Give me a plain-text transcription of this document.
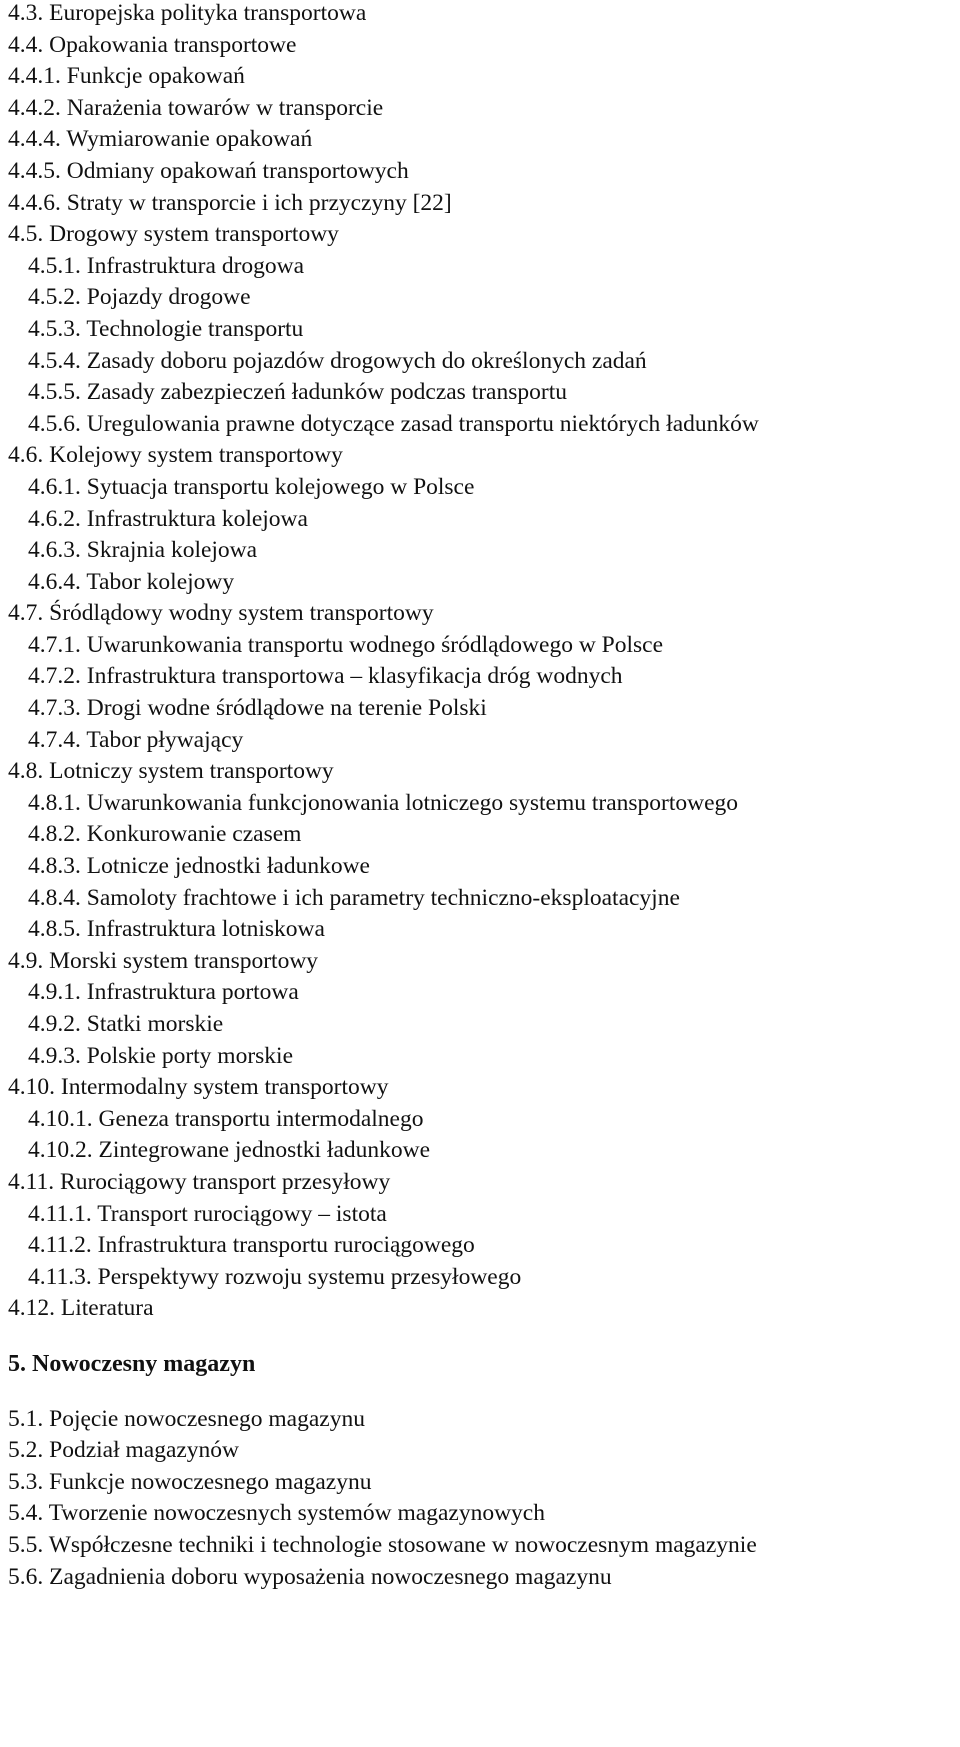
4.3. Europejska polityka transportowa
4.4. Opakowania transportowe
4.4.1. Funkcje opakowań
4.4.2. Narażenia towarów w transporcie
4.4.4. Wymiarowanie opakowań
4.4.5. Odmiany opakowań transportowych
4.4.6. Straty w transporcie i ich przyczyny [22]
4.5. Drogowy system transportowy
4.5.1. Infrastruktura drogowa
4.5.2. Pojazdy drogowe
4.5.3. Technologie transportu
4.5.4. Zasady doboru pojazdów drogowych do określonych zadań
4.5.5. Zasady zabezpieczeń ładunków podczas transportu
4.5.6. Uregulowania prawne dotyczące zasad transportu niektórych ładunków
4.6. Kolejowy system transportowy
4.6.1. Sytuacja transportu kolejowego w Polsce
4.6.2. Infrastruktura kolejowa
4.6.3. Skrajnia kolejowa
4.6.4. Tabor kolejowy
4.7. Śródlądowy wodny system transportowy
4.7.1. Uwarunkowania transportu wodnego śródlądowego w Polsce
4.7.2. Infrastruktura transportowa – klasyfikacja dróg wodnych
4.7.3. Drogi wodne śródlądowe na terenie Polski
4.7.4. Tabor pływający
4.8. Lotniczy system transportowy
4.8.1. Uwarunkowania funkcjonowania lotniczego systemu transportowego
4.8.2. Konkurowanie czasem
4.8.3. Lotnicze jednostki ładunkowe
4.8.4. Samoloty frachtowe i ich parametry techniczno-eksploatacyjne
4.8.5. Infrastruktura lotniskowa
4.9. Morski system transportowy
4.9.1. Infrastruktura portowa
4.9.2. Statki morskie
4.9.3. Polskie porty morskie
4.10. Intermodalny system transportowy
4.10.1. Geneza transportu intermodalnego
4.10.2. Zintegrowane jednostki ładunkowe
4.11. Rurociągowy transport przesyłowy
4.11.1. Transport rurociągowy – istota
4.11.2. Infrastruktura transportu rurociągowego
4.11.3. Perspektywy rozwoju systemu przesyłowego
4.12. Literatura
5. Nowoczesny magazyn
5.1. Pojęcie nowoczesnego magazynu
5.2. Podział magazynów
5.3. Funkcje nowoczesnego magazynu
5.4. Tworzenie nowoczesnych systemów magazynowych
5.5. Współczesne techniki i technologie stosowane w nowoczesnym magazynie
5.6. Zagadnienia doboru wyposażenia nowoczesnego magazynu
